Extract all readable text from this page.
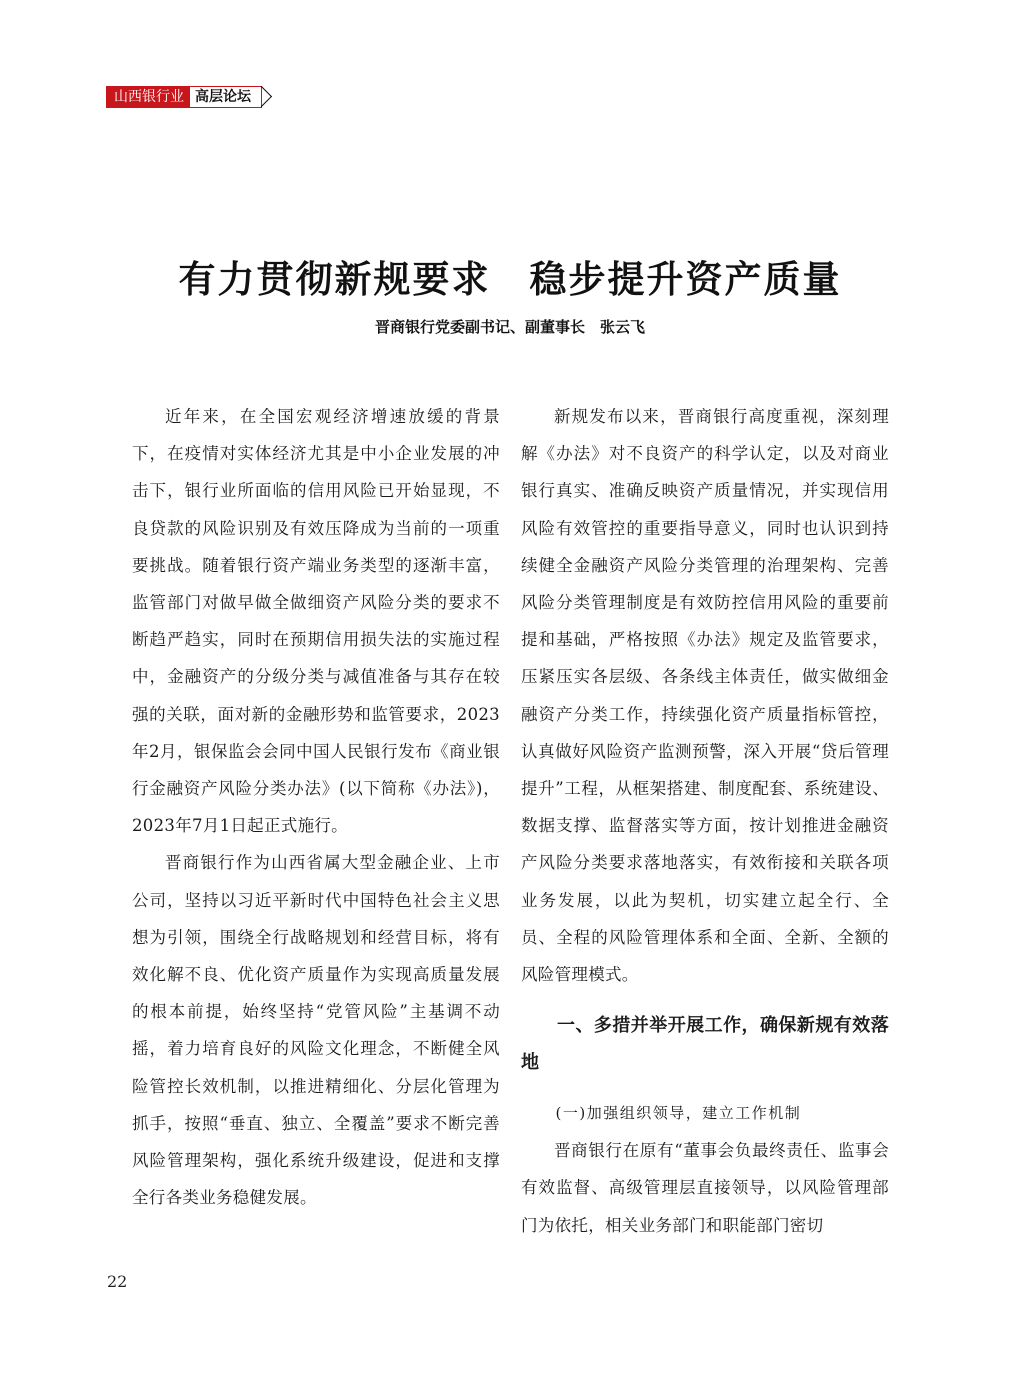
山西银行业 高层论坛
有力贯彻新规要求　稳步提升资产质量
晋商银行党委副书记、副董事长　张云飞

近年来，在全国宏观经济增速放缓的背景下，在疫情对实体经济尤其是中小企业发展的冲击下，银行业所面临的信用风险已开始显现，不良贷款的风险识别及有效压降成为当前的一项重要挑战。随着银行资产端业务类型的逐渐丰富，监管部门对做早做全做细资产风险分类的要求不断趋严趋实，同时在预期信用损失法的实施过程中，金融资产的分级分类与减值准备与其存在较强的关联，面对新的金融形势和监管要求，2023年2月，银保监会会同中国人民银行发布《商业银行金融资产风险分类办法》(以下简称《办法》)，2023年7月1日起正式施行。

晋商银行作为山西省属大型金融企业、上市公司，坚持以习近平新时代中国特色社会主义思想为引领，围绕全行战略规划和经营目标，将有效化解不良、优化资产质量作为实现高质量发展的根本前提，始终坚持“党管风险”主基调不动摇，着力培育良好的风险文化理念，不断健全风险管控长效机制，以推进精细化、分层化管理为抓手，按照“垂直、独立、全覆盖”要求不断完善风险管理架构，强化系统升级建设，促进和支撑全行各类业务稳健发展。

新规发布以来，晋商银行高度重视，深刻理解《办法》对不良资产的科学认定，以及对商业银行真实、准确反映资产质量情况，并实现信用风险有效管控的重要指导意义，同时也认识到持续健全金融资产风险分类管理的治理架构、完善风险分类管理制度是有效防控信用风险的重要前提和基础，严格按照《办法》规定及监管要求，压紧压实各层级、各条线主体责任，做实做细金融资产分类工作，持续强化资产质量指标管控，认真做好风险资产监测预警，深入开展“贷后管理提升”工程，从框架搭建、制度配套、系统建设、数据支撑、监督落实等方面，按计划推进金融资产风险分类要求落地落实，有效衔接和关联各项业务发展，以此为契机，切实建立起全行、全员、全程的风险管理体系和全面、全新、全额的风险管理模式。

一、多措并举开展工作，确保新规有效落地
(一)加强组织领导，建立工作机制

晋商银行在原有“董事会负最终责任、监事会有效监督、高级管理层直接领导，以风险管理部门为依托，相关业务部门和职能部门密切

22
